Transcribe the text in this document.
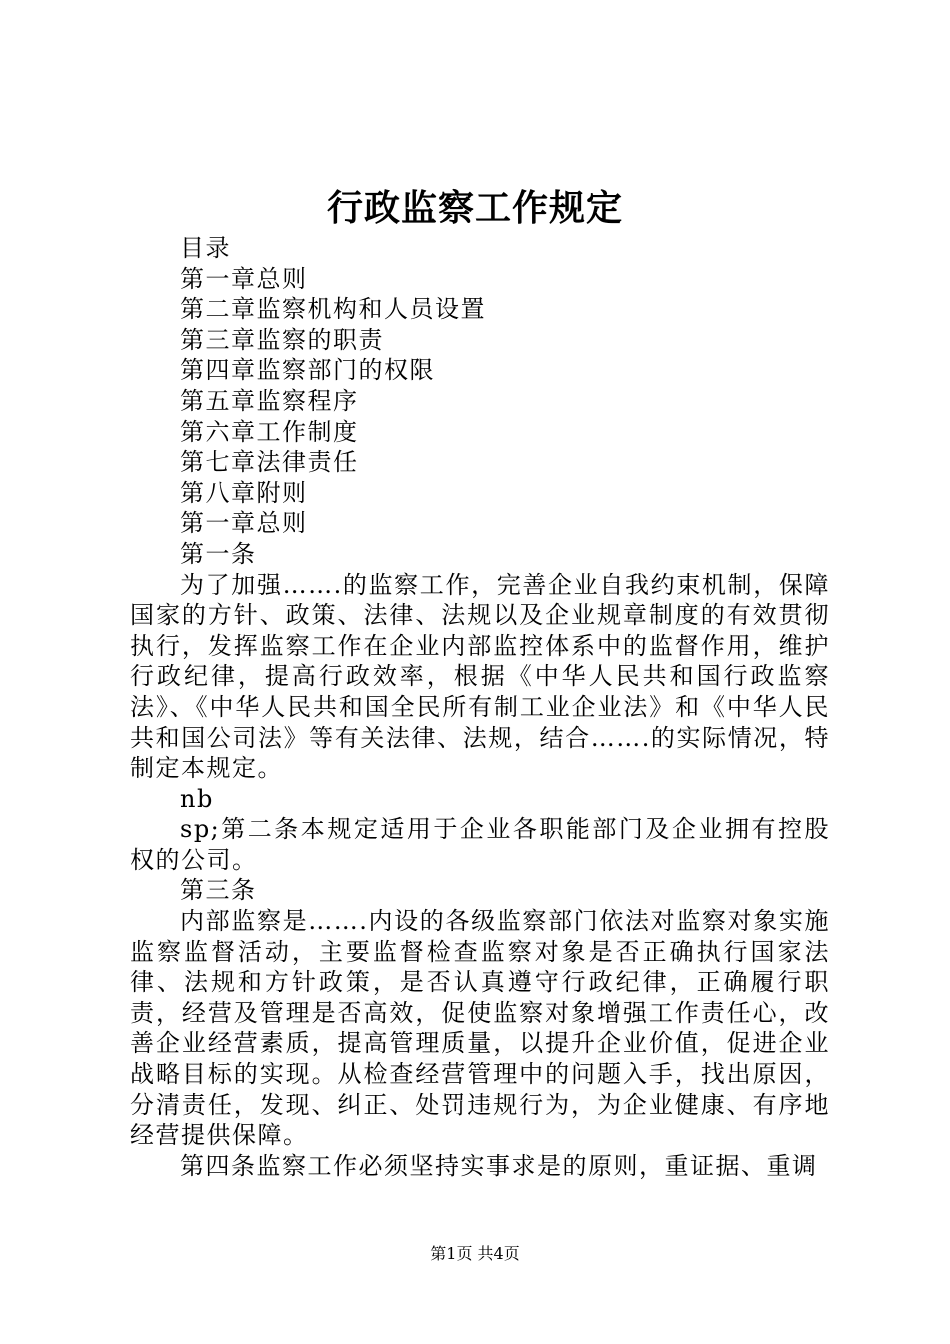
行政监察工作规定

目录

第一章总则

第二章监察机构和人员设置

第三章监察的职责

第四章监察部门的权限

第五章监察程序

第六章工作制度

第七章法律责任

第八章附则

第一章总则

第一条

为了加强…….的监察工作，完善企业自我约束机制，保障国家的方针、政策、法律、法规以及企业规章制度的有效贯彻执行，发挥监察工作在企业内部监控体系中的监督作用，维护行政纪律，提高行政效率，根据《中华人民共和国行政监察法》、《中华人民共和国全民所有制工业企业法》和《中华人民共和国公司法》等有关法律、法规，结合…….的实际情况，特制定本规定。

nb

sp;第二条本规定适用于企业各职能部门及企业拥有控股权的公司。

第三条

内部监察是…….内设的各级监察部门依法对监察对象实施监察监督活动，主要监督检查监察对象是否正确执行国家法律、法规和方针政策，是否认真遵守行政纪律，正确履行职责，经营及管理是否高效，促使监察对象增强工作责任心，改善企业经营素质，提高管理质量，以提升企业价值，促进企业战略目标的实现。从检查经营管理中的问题入手，找出原因，分清责任，发现、纠正、处罚违规行为，为企业健康、有序地经营提供保障。

第四条监察工作必须坚持实事求是的原则，重证据、重调

第1页 共4页
